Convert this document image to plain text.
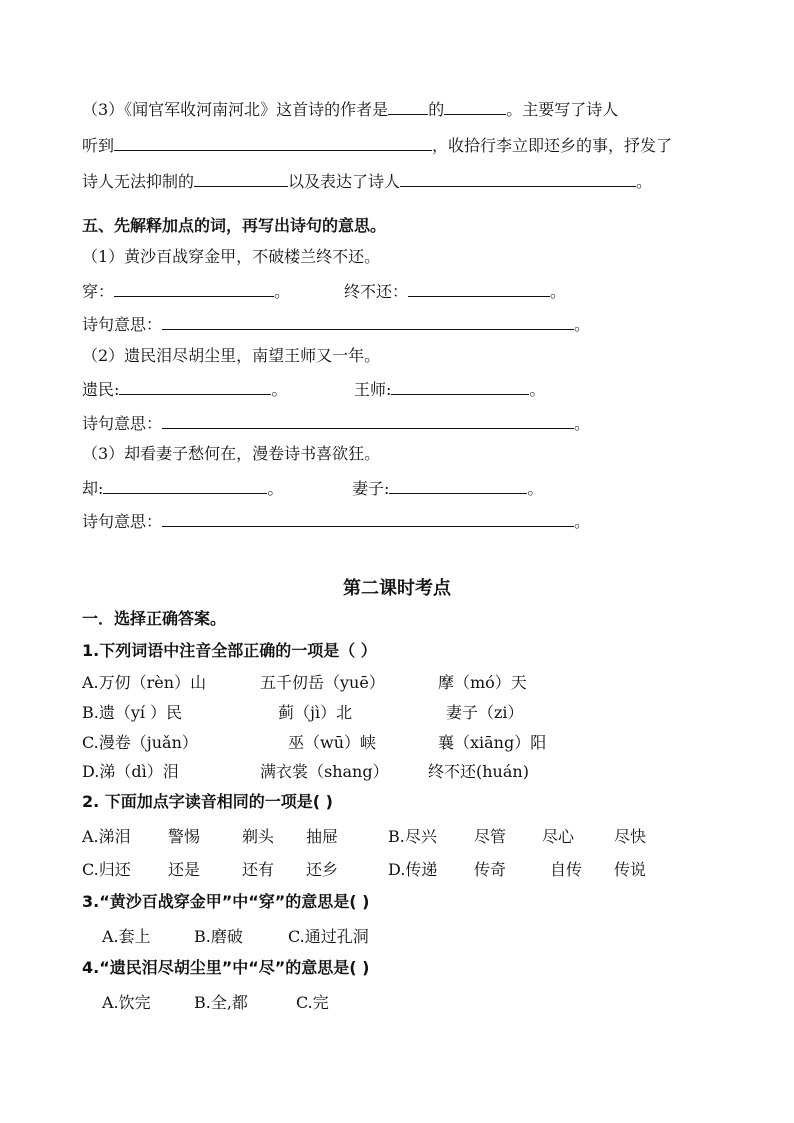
（3）《闻官军收河南河北》这首诗的作者是	的	。主要写了诗人
听到	，收拾行李立即还乡的事，抒发了
诗人无法抑制的	以及表达了诗人	。
五、先解释加点的词，再写出诗句的意思。
（1）黄沙百战穿金甲，不破楼兰终不还。
穿：	。	终不还：	。
诗句意思：	。
（2）遗民泪尽胡尘里，南望王师又一年。
遗民:	。	王师:	。
诗句意思：	。
（3）却看妻子愁何在，漫卷诗书喜欲狂。
却:	。	妻子:	。
诗句意思：	。
第二课时考点
一．选择正确答案。
1.下列词语中注音全部正确的一项是（ ）
A.万仞（rèn）山	五千仞岳（yuē）	摩（mó）天
B.遗（yí ）民	蓟（jì）北	妻子（zi）
C.漫卷（juǎn）	巫（wū）峡	襄（xiāng）阳
D.涕（dì）泪	满衣裳（shang） 终不还(huán)
2. 下面加点字读音相同的一项是( )
A.涕泪 警惕	剃头 抽屉	B.尽兴 尽管 尽心 尽快
C.归还 还是	还有 还乡	D.传递 传奇	自传 传说
3.“黄沙百战穿金甲”中“穿”的意思是( )
A.套上	B.磨破	C.通过孔洞
4.“遗民泪尽胡尘里”中“尽”的意思是( )
A.饮完	B.全,都	C.完
